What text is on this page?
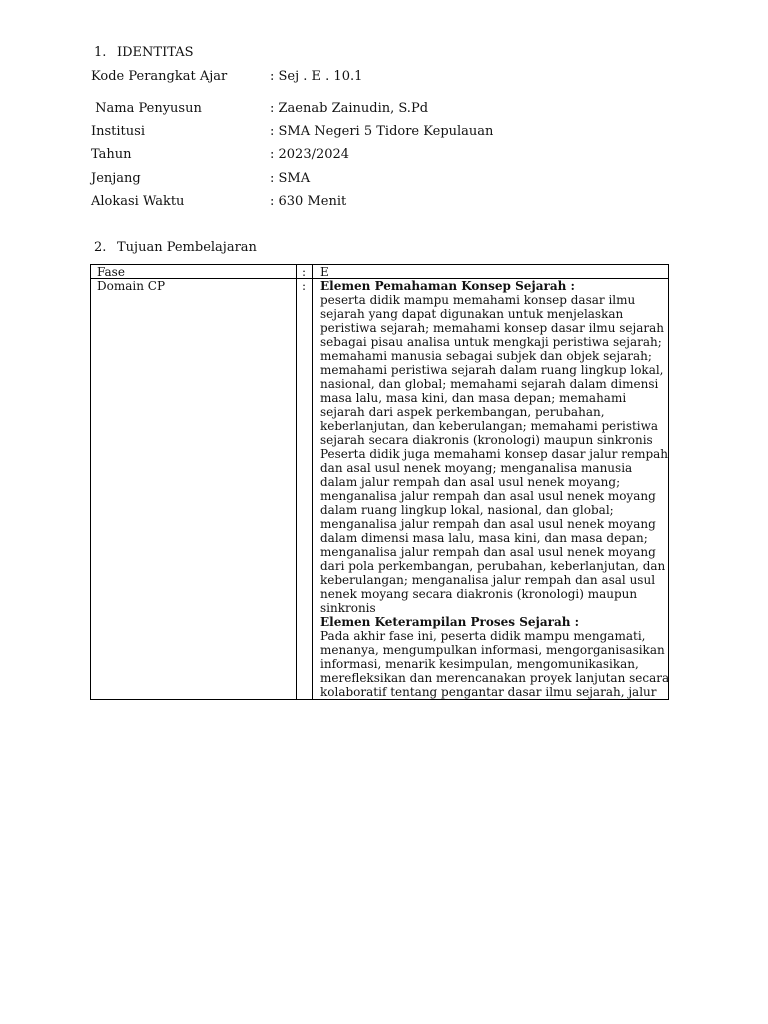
1. IDENTITAS
Kode Perangkat Ajar	: Sej . E . 10.1
Nama Penyusun	: Zaenab Zainudin, S.Pd
Institusi	: SMA Negeri 5 Tidore Kepulauan
Tahun	: 2023/2024
Jenjang	: SMA
Alokasi Waktu	: 630 Menit
2. Tujuan Pembelajaran
Fase	: E
Domain CP	: Elemen Pemahaman Konsep Sejarah :
peserta didik mampu memahami konsep dasar ilmu
sejarah yang dapat digunakan untuk menjelaskan
peristiwa sejarah; memahami konsep dasar ilmu sejarah
sebagai pisau analisa untuk mengkaji peristiwa sejarah;
memahami manusia sebagai subjek dan objek sejarah;
memahami peristiwa sejarah dalam ruang lingkup lokal,
nasional, dan global; memahami sejarah dalam dimensi
masa lalu, masa kini, dan masa depan; memahami
sejarah dari aspek perkembangan, perubahan,
keberlanjutan, dan keberulangan; memahami peristiwa
sejarah secara diakronis (kronologi) maupun sinkronis
Peserta didik juga memahami konsep dasar jalur rempah
dan asal usul nenek moyang; menganalisa manusia
dalam jalur rempah dan asal usul nenek moyang;
menganalisa jalur rempah dan asal usul nenek moyang
dalam ruang lingkup lokal, nasional, dan global;
menganalisa jalur rempah dan asal usul nenek moyang
dalam dimensi masa lalu, masa kini, dan masa depan;
menganalisa jalur rempah dan asal usul nenek moyang
dari pola perkembangan, perubahan, keberlanjutan, dan
keberulangan; menganalisa jalur rempah dan asal usul
nenek moyang secara diakronis (kronologi) maupun
sinkronis
Elemen Keterampilan Proses Sejarah :
Pada akhir fase ini, peserta didik mampu mengamati,
menanya, mengumpulkan informasi, mengorganisasikan
informasi, menarik kesimpulan, mengomunikasikan,
merefleksikan dan merencanakan proyek lanjutan secara
kolaboratif tentang pengantar dasar ilmu sejarah, jalur
